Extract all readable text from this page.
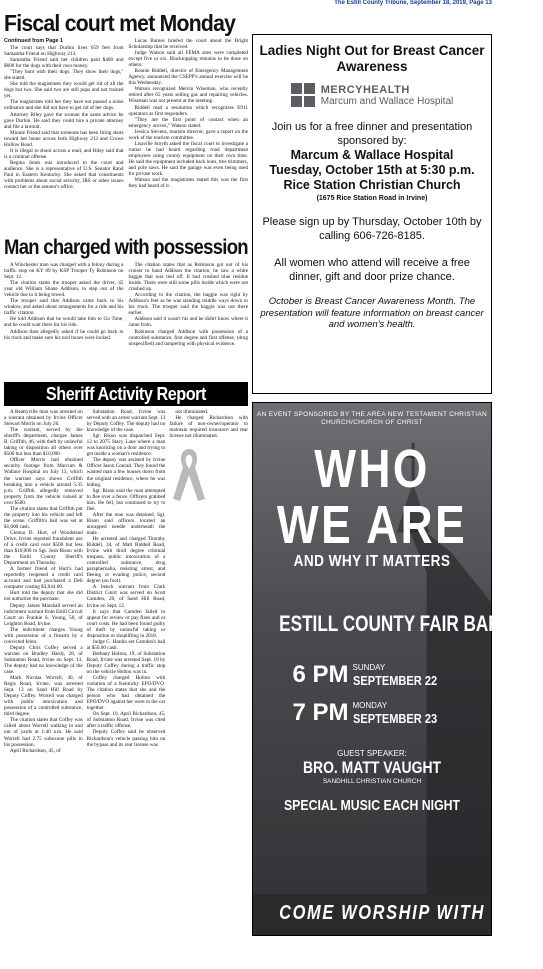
The Estill County Tribune, September 18, 2019, Page 13
Fiscal court met Monday
Continued from Page 1

The court says that Durbin lives 659 feet from Samantha Friend on Highway 213.

Samantha Friend said her children paid $400 and $600 for the dogs with their own money.

"They hunt with their dogs. They show their dogs," she stated.

She told the magistrates they would get rid of all the dogs but two. She said two are still pups and not trained yet.

The magistrates told her they have not passed a noise ordinance and she did not have to get rid of her dogs.

Attorney Riley gave the woman the same advice he gave Durbin. He said they could hire a private attorney and file a lawsuit.

Minnie Friend said that someone has been firing shots toward her home across both Highway 213 and Crowe Hollow Road.

It is illegal to shoot across a road, and Riley said that is a criminal offense.

Regina Jones was introduced to the court and audience. She is a representative of U.S. Senator Rand Paul in Eastern Kentucky. She asked that constituents with problems about social security, IRS or other issues contact her or the senator's office.

Lucas Barnes briefed the court about the Bright Scholarship that he received.

Judge Watson said all FEMA sites were completed except five or six. Blacktopping remains to be done on others.

Ronnie Riddell, director of Emergency Management Agency, announced the CSEPP's annual exercise will be this Wednesday.

Watson recognized Melvin Wiseman, who recently retired after 65 years selling gas and repairing vehicles. Wiseman was not present at the meeting.

Riddell read a resolution which recognizes E911 operators as first responders.

"They are the first point of contact when an emergency arrives," Watson stated.

Jessica Stevens, tourism director, gave a report on the work of the tourism committee.

Lisaville Smyth asked the fiscal court to investigate a rumor he had heard regarding road department employees using county equipment on their own time. He said the equipment included back hoes, tree trimmers, and pole saws. He said the garage was even being used for private work.

Watson and the magistrates stated this was the first they had heard of it.

Man charged with possession

A Winchester man was charged with a felony during a traffic stop on KY 89 by KSP Trooper Ty Robinson on Sept. 12.

The citation states the trooper asked the driver, 45 year old William Shane Addison, to step out of the vehicle due to it being towed.

The trooper said that Addison came back to his window, and asked about arrangements for a ride and his traffic citation.

He told Addison that he would take him to Go Time, and he could wait there for his ride.

Addison then allegedly asked if he could go back to his truck and make sure his tool boxes were locked.

The citation states that as Robinson got out of his cruiser to hand Addison the citation, he saw a white baggie that was tied off. It had crushed blue residue inside. There were still some pills inside which were not crushed up.

According to the citation, the baggie was right by Addison's feet as he was standing middle ways down to his truck. The trooper said the baggie was not there earlier.

Addison said it wasn't his and he didn't know where it came from.

Robinson charged Addison with possession of a controlled substance, first degree and first offense, (drug unspecified) and tampering with physical evidence.

Sheriff Activity Report

A Beattyville man was arrested on a warrant obtained by Irvine Officer Stewart Morris on July 26.

The warrant, served by the sheriff's department, charges James R. Griffith, 46, with theft by unlawful taking or disposition all others over $500 but less than $10,000.

Officer Morris had obtained security footage from Marcum & Wallace Hospital on July 13, which the warrant says shows Griffith breaking into a vehicle around 5:35 p.m. Griffith allegedly removed property from the vehicle valued at over $500.

The citation states that Griffith put the property into his vehicle and left the scene. Griffith's bail was set at $1,000 cash.

Glenna D. Hurt, of Woodstead Drive, Irvine reported fraudulent use of a credit card over $500 but less than $10,000 to Sgt. Josh Rison with the Estill County Sheriff's Department on Thursday.

A former friend of Hurt's had reportedly reopened a credit card account and had purchased a Dell computer costing $3,044.00.

Hurt told the deputy that she did not authorize the purchase.

Deputy James Marshall served an indictment warrant from Estill Circuit Court on Frankie S. Young, 50, of Leighton Road, Irvine.

The indictment charges Young with possession of a firearm by a convicted felon.

Deputy Chris Coffey served a warrant on Bradley Hardy, 28, of Substation Road, Irvine on Sept. 13. The deputy had no knowledge of the case.

Mark Nicolas Worrell, 40, of Regis Road, Irvine, was arrested Sept. 13 on Sand Hill Road by Deputy Coffey. Worrell was charged with public intoxication and possession of a controlled substance, third degree.

The citation states that Coffey was called about Worrell walking in and out of yards at 1:40 a.m. He said Worrell had 2.75 suboxone pills in his possession.

April Richardson, 45, of

Substation Road, Irvine was served with an arrest warrant Sept. 13 by Deputy Coffey. The deputy had no knowledge of the case.

Sgt. Rison was dispatched Sept. 12 to 2075 Stacy Lane where a man was knocking on a door and trying to get inside a woman's residence.

The deputy was assisted by Irvine Officer Jason Conrad. They found the wanted man a few houses down from the original residence, where he was hiding.

Sgt. Rison said the man attempted to flee over a fence. Officers grabbed him. He fell, but continued to try to flee.

After the man was detained, Sgt. Rison said officers located an uncapped needle underneath the male.

He arrested and charged Timothy Riddell, 34, of Matt Riddell Road, Irvine with third degree criminal trespass, public intoxication of a controlled substance, drug paraphernalia, resisting arrest, and fleeing or evading police, second degree (on foot).

A bench warrant from Clark District Court was served on Scott Camden, 20, of Sand Hill Road, Irvine on Sept. 12.

It says that Camden failed to appear for review or pay fines and or court costs. He had been found guilty of theft by unlawful taking or disposition or shoplifting in 2018.

Judge C. Hardin set Camden's bail at $50.00 cash.

Bethany Holton, 19, of Substation Road, Irvine was arrested Sept. 10 by Deputy Coffey during a traffic stop on the vehicle Holton was in.

Coffey charged Holton with violation of a Kentucky EPO/DVO. The citation states that she and the person who had obtained the EPO/DVO against her were in the car together.

On Sept. 10, April Richardson, 45, of Substation Road, Irvine was cited after a traffic offense.

Deputy Coffey said he observed Richardson's vehicle passing him on the bypass and its rear license was

not illuminated.

He charged Richardson with failure of non-owner/operator to maintain required insurance and rear license not illuminated.

Ladies Night Out for Breast Cancer Awareness
MERCYHEALTH
Marcum and Wallace Hospital
Join us for a free dinner and presentation sponsored by:
Marcum & Wallace Hospital
Tuesday, October 15th at 5:30 p.m.
Rice Station Christian Church
(1675 Rice Station Road in Irvine)
Please sign up by Thursday, October 10th by calling 606-726-8185.
All women who attend will receive a free dinner, gift and door prize chance.
October is Breast Cancer Awareness Month. The presentation will feature information on breast cancer and women's health.
AN EVENT SPONSORED BY THE AREA NEW TESTAMENT CHRISTIAN CHURCH/CHURCH OF CHRIST
WHO WE ARE
AND WHY IT MATTERS
ESTILL COUNTY FAIR BARN
6 PM SUNDAY
SEPTEMBER 22
7 PM MONDAY
SEPTEMBER 23
GUEST SPEAKER:
BRO. MATT VAUGHT
SANDHILL CHRISTIAN CHURCH
SPECIAL MUSIC EACH NIGHT
COME WORSHIP WITH US
